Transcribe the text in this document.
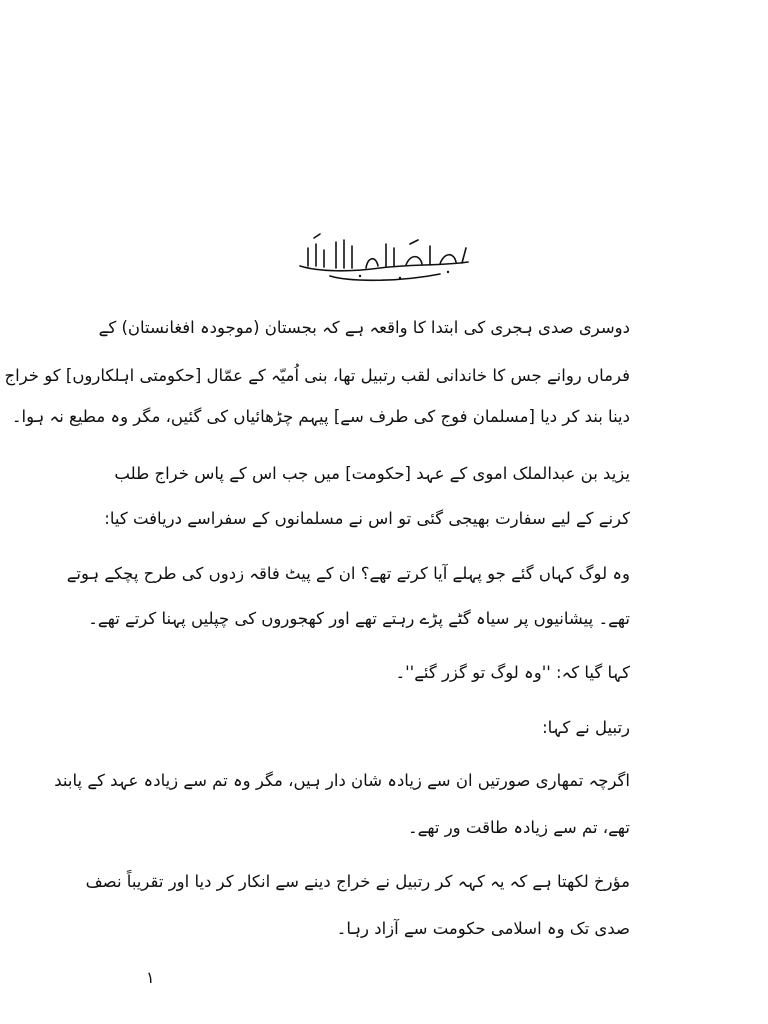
دوسری صدی ہجری کی ابتدا کا واقعہ ہے کہ بجستان (موجودہ افغانستان) کے
فرماں روانے جس کا خاندانی لقب رتبیل تھا، بنی اُمیّہ کے عمّال [حکومتی اہلکاروں] کو خراج
دینا بند کر دیا [مسلمان فوج کی طرف سے] پیہم چڑھائیاں کی گئیں، مگر وہ مطیع نہ ہوا۔
یزید بن عبدالملک اموی کے عہد [حکومت] میں جب اس کے پاس خراج طلب
کرنے کے لیے سفارت بھیجی گئی تو اس نے مسلمانوں کے سفراسے دریافت کیا:
وہ لوگ کہاں گئے جو پہلے آیا کرتے تھے؟ ان کے پیٹ فاقہ زدوں کی طرح پچکے ہوتے
تھے۔ پیشانیوں پر سیاہ گٹے پڑے رہتے تھے اور کھجوروں کی چپلیں پہنا کرتے تھے۔
کہا گیا کہ: ''وہ لوگ تو گزر گئے''۔
رتبیل نے کہا:
اگرچہ تمھاری صورتیں ان سے زیادہ شان دار ہیں، مگر وہ تم سے زیادہ عہد کے پابند
تھے، تم سے زیادہ طاقت ور تھے۔
مؤرخ لکھتا ہے کہ یہ کہہ کر رتبیل نے خراج دینے سے انکار کر دیا اور تقریباً نصف
صدی تک وہ اسلامی حکومت سے آزاد رہا۔
١
